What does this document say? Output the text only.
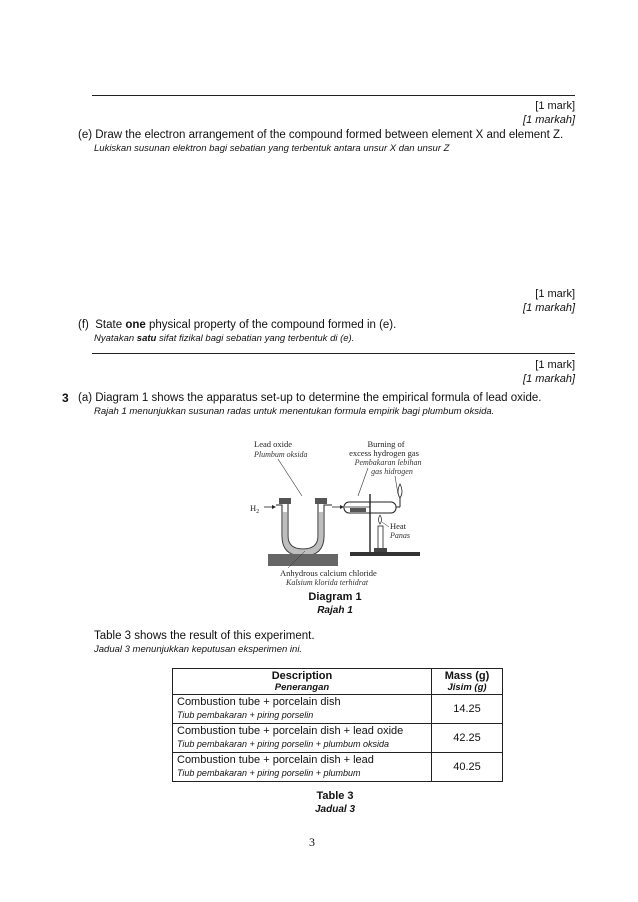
[1 mark]
[1 markah]
(e) Draw the electron arrangement of the compound formed between element X and element Z.
Lukiskan susunan elektron bagi sebatian yang terbentuk antara unsur X dan unsur Z
[1 mark]
[1 markah]
(f) State one physical property of the compound formed in (e).
Nyatakan satu sifat fizikal bagi sebatian yang terbentuk di (e).
[1 mark]
[1 markah]
3 (a) Diagram 1 shows the apparatus set-up to determine the empirical formula of lead oxide.
Rajah 1 menunjukkan susunan radas untuk menentukan formula empirik bagi plumbum oksida.
Lead oxide
Plumbum oksida
Burning of
excess hydrogen gas
Pembakaran lebihan
gas hidrogen
$H_2$
Heat
Panas
Anhydrous calcium chloride
Kalsium klorida terhidrat
Diagram 1
Rajah 1
Table 3 shows the result of this experiment.
Jadual 3 menunjukkan keputusan eksperimen ini.
Description
Penerangan	Mass (g)
Jisim (g)

Combustion tube + porcelain dish
Tiub pembakaran + piring porselin	14.25
Combustion tube + porcelain dish + lead oxide
Tiub pembakaran + piring porselin + plumbum oksida	42.25
Combustion tube + porcelain dish + lead
Tiub pembakaran + piring porselin + plumbum	40.25
Table 3
Jadual 3
3
